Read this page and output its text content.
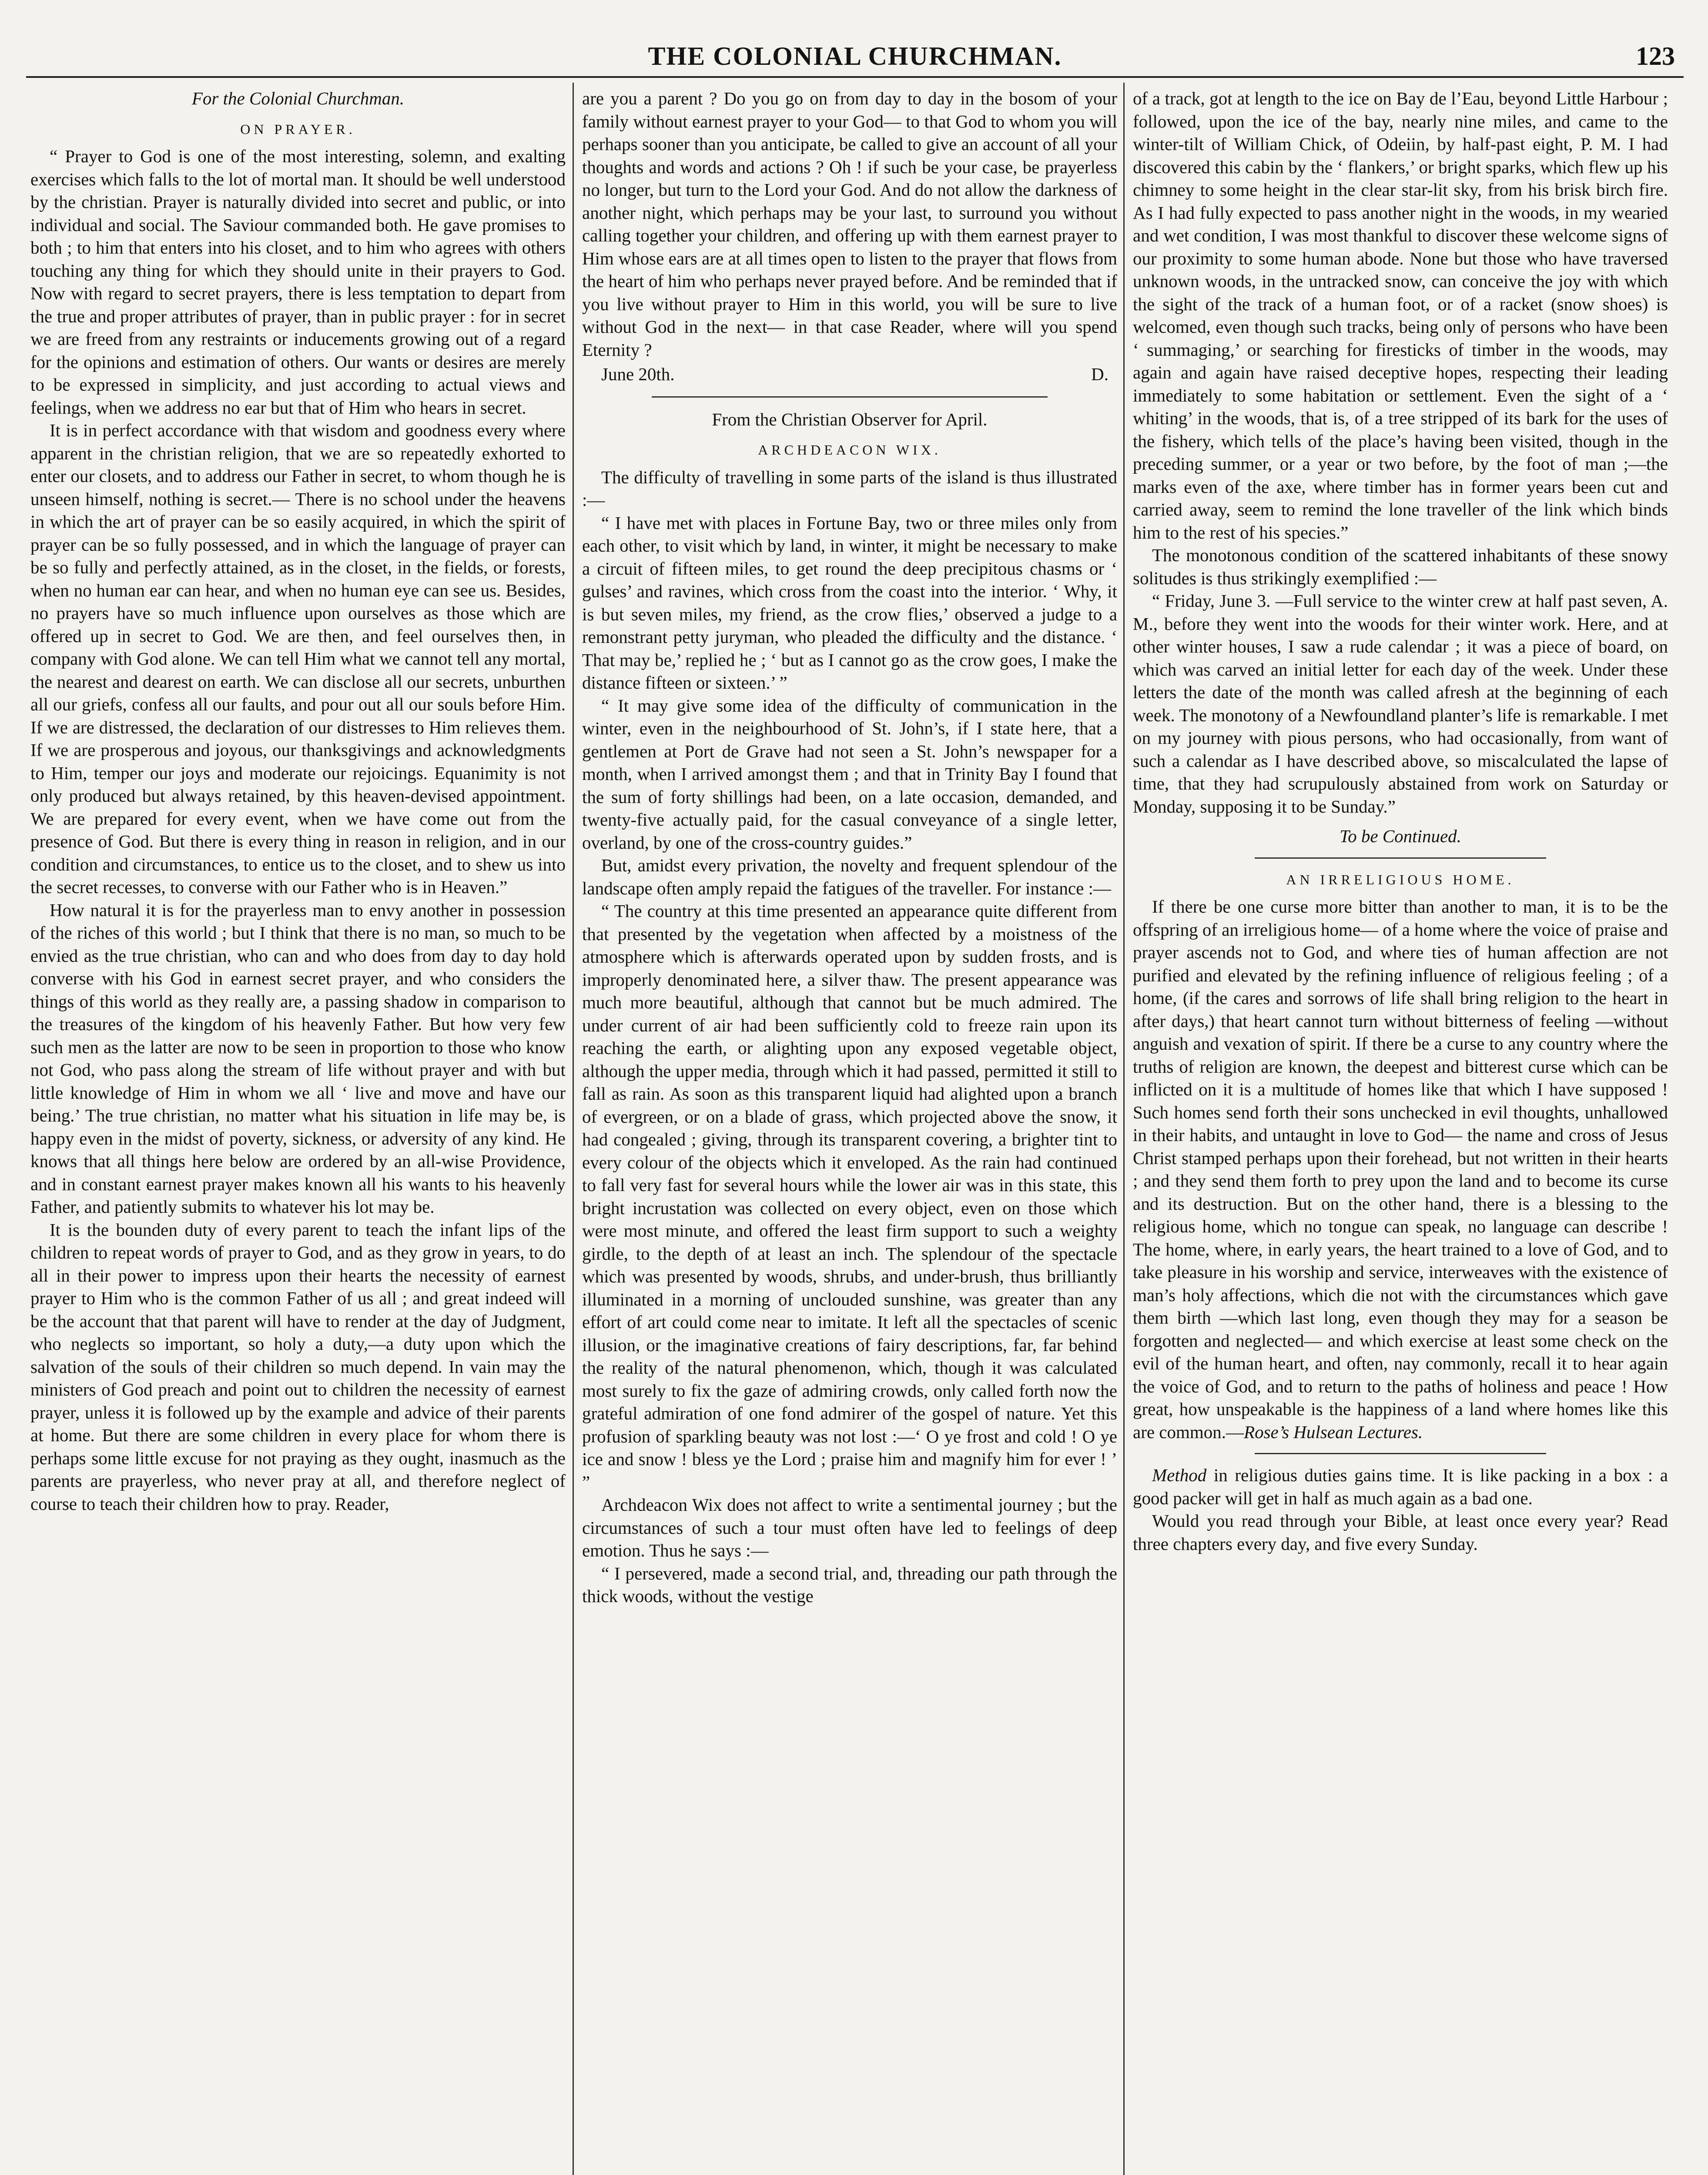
THE COLONIAL CHURCHMAN.	123
For the Colonial Churchman.
ON PRAYER.

“ Prayer to God is one of the most interesting, solemn, and exalting exercises which falls to the lot of mortal man. It should be well understood by the christian. Prayer is naturally divided into secret and public, or into individual and social. The Saviour commanded both. He gave promises to both ; to him that enters into his closet, and to him who agrees with others touching any thing for which they should unite in their prayers to God. Now with regard to secret prayers, there is less temptation to depart from the true and proper attributes of prayer, than in public prayer : for in secret we are freed from any restraints or inducements growing out of a regard for the opinions and estimation of others. Our wants or desires are merely to be expressed in simplicity, and just according to actual views and feelings, when we address no ear but that of Him who hears in secret.

It is in perfect accordance with that wisdom and goodness every where apparent in the christian religion, that we are so repeatedly exhorted to enter our closets, and to address our Father in secret, to whom though he is unseen himself, nothing is secret.— There is no school under the heavens in which the art of prayer can be so easily acquired, in which the spirit of prayer can be so fully possessed, and in which the language of prayer can be so fully and perfectly attained, as in the closet, in the fields, or forests, when no human ear can hear, and when no human eye can see us. Besides, no prayers have so much influence upon ourselves as those which are offered up in secret to God. We are then, and feel ourselves then, in company with God alone. We can tell Him what we cannot tell any mortal, the nearest and dearest on earth. We can disclose all our secrets, unburthen all our griefs, confess all our faults, and pour out all our souls before Him. If we are distressed, the declaration of our distresses to Him relieves them. If we are prosperous and joyous, our thanksgivings and acknowledgments to Him, temper our joys and moderate our rejoicings. Equanimity is not only produced but always retained, by this heaven-devised appointment. We are prepared for every event, when we have come out from the presence of God. But there is every thing in reason in religion, and in our condition and circumstances, to entice us to the closet, and to shew us into the secret recesses, to converse with our Father who is in Heaven.”

How natural it is for the prayerless man to envy another in possession of the riches of this world ; but I think that there is no man, so much to be envied as the true christian, who can and who does from day to day hold converse with his God in earnest secret prayer, and who considers the things of this world as they really are, a passing shadow in comparison to the treasures of the kingdom of his heavenly Father. But how very few such men as the latter are now to be seen in proportion to those who know not God, who pass along the stream of life without prayer and with but little knowledge of Him in whom we all ‘ live and move and have our being.’ The true christian, no matter what his situation in life may be, is happy even in the midst of poverty, sickness, or adversity of any kind. He knows that all things here below are ordered by an all-wise Providence, and in constant earnest prayer makes known all his wants to his heavenly Father, and patiently submits to whatever his lot may be.

It is the bounden duty of every parent to teach the infant lips of the children to repeat words of prayer to God, and as they grow in years, to do all in their power to impress upon their hearts the necessity of earnest prayer to Him who is the common Father of us all ; and great indeed will be the account that that parent will have to render at the day of Judgment, who neglects so important, so holy a duty,—a duty upon which the salvation of the souls of their children so much depend. In vain may the ministers of God preach and point out to children the necessity of earnest prayer, unless it is followed up by the example and advice of their parents at home. But there are some children in every place for whom there is perhaps some little excuse for not praying as they ought, inasmuch as the parents are prayerless, who never pray at all, and therefore neglect of course to teach their children how to pray. Reader,

are you a parent ? Do you go on from day to day in the bosom of your family without earnest prayer to your God— to that God to whom you will perhaps sooner than you anticipate, be called to give an account of all your thoughts and words and actions ? Oh ! if such be your case, be prayerless no longer, but turn to the Lord your God. And do not allow the darkness of another night, which perhaps may be your last, to surround you without calling together your children, and offering up with them earnest prayer to Him whose ears are at all times open to listen to the prayer that flows from the heart of him who perhaps never prayed before. And be reminded that if you live without prayer to Him in this world, you will be sure to live without God in the next— in that case Reader, where will you spend Eternity ?

June 20th.	D.
From the Christian Observer for April.
ARCHDEACON WIX.

The difficulty of travelling in some parts of the island is thus illustrated :—

“ I have met with places in Fortune Bay, two or three miles only from each other, to visit which by land, in winter, it might be necessary to make a circuit of fifteen miles, to get round the deep precipitous chasms or ‘ gulses’ and ravines, which cross from the coast into the interior. ‘ Why, it is but seven miles, my friend, as the crow flies,’ observed a judge to a remonstrant petty juryman, who pleaded the difficulty and the distance. ‘ That may be,’ replied he ; ‘ but as I cannot go as the crow goes, I make the distance fifteen or sixteen.’ ”

“ It may give some idea of the difficulty of communication in the winter, even in the neighbourhood of St. John’s, if I state here, that a gentlemen at Port de Grave had not seen a St. John’s newspaper for a month, when I arrived amongst them ; and that in Trinity Bay I found that the sum of forty shillings had been, on a late occasion, demanded, and twenty-five actually paid, for the casual conveyance of a single letter, overland, by one of the cross-country guides.”

But, amidst every privation, the novelty and frequent splendour of the landscape often amply repaid the fatigues of the traveller. For instance :—

“ The country at this time presented an appearance quite different from that presented by the vegetation when affected by a moistness of the atmosphere which is afterwards operated upon by sudden frosts, and is improperly denominated here, a silver thaw. The present appearance was much more beautiful, although that cannot but be much admired. The under current of air had been sufficiently cold to freeze rain upon its reaching the earth, or alighting upon any exposed vegetable object, although the upper media, through which it had passed, permitted it still to fall as rain. As soon as this transparent liquid had alighted upon a branch of evergreen, or on a blade of grass, which projected above the snow, it had congealed ; giving, through its transparent covering, a brighter tint to every colour of the objects which it enveloped. As the rain had continued to fall very fast for several hours while the lower air was in this state, this bright incrustation was collected on every object, even on those which were most minute, and offered the least firm support to such a weighty girdle, to the depth of at least an inch. The splendour of the spectacle which was presented by woods, shrubs, and under-brush, thus brilliantly illuminated in a morning of unclouded sunshine, was greater than any effort of art could come near to imitate. It left all the spectacles of scenic illusion, or the imaginative creations of fairy descriptions, far, far behind the reality of the natural phenomenon, which, though it was calculated most surely to fix the gaze of admiring crowds, only called forth now the grateful admiration of one fond admirer of the gospel of nature. Yet this profusion of sparkling beauty was not lost :—‘ O ye frost and cold ! O ye ice and snow ! bless ye the Lord ; praise him and magnify him for ever ! ’ ”

Archdeacon Wix does not affect to write a sentimental journey ; but the circumstances of such a tour must often have led to feelings of deep emotion. Thus he says :—

“ I persevered, made a second trial, and, threading our path through the thick woods, without the vestige

of a track, got at length to the ice on Bay de l’Eau, beyond Little Harbour ; followed, upon the ice of the bay, nearly nine miles, and came to the winter-tilt of William Chick, of Odeiin, by half-past eight, P. M. I had discovered this cabin by the ‘ flankers,’ or bright sparks, which flew up his chimney to some height in the clear star-lit sky, from his brisk birch fire. As I had fully expected to pass another night in the woods, in my wearied and wet condition, I was most thankful to discover these welcome signs of our proximity to some human abode. None but those who have traversed unknown woods, in the untracked snow, can conceive the joy with which the sight of the track of a human foot, or of a racket (snow shoes) is welcomed, even though such tracks, being only of persons who have been ‘ summaging,’ or searching for firesticks of timber in the woods, may again and again have raised deceptive hopes, respecting their leading immediately to some habitation or settlement. Even the sight of a ‘ whiting’ in the woods, that is, of a tree stripped of its bark for the uses of the fishery, which tells of the place’s having been visited, though in the preceding summer, or a year or two before, by the foot of man ;—the marks even of the axe, where timber has in former years been cut and carried away, seem to remind the lone traveller of the link which binds him to the rest of his species.”

The monotonous condition of the scattered inhabitants of these snowy solitudes is thus strikingly exemplified :—

“ Friday, June 3. —Full service to the winter crew at half past seven, A. M., before they went into the woods for their winter work. Here, and at other winter houses, I saw a rude calendar ; it was a piece of board, on which was carved an initial letter for each day of the week. Under these letters the date of the month was called afresh at the beginning of each week. The monotony of a Newfoundland planter’s life is remarkable. I met on my journey with pious persons, who had occasionally, from want of such a calendar as I have described above, so miscalculated the lapse of time, that they had scrupulously abstained from work on Saturday or Monday, supposing it to be Sunday.”

To be Continued.
AN IRRELIGIOUS HOME.

If there be one curse more bitter than another to man, it is to be the offspring of an irreligious home— of a home where the voice of praise and prayer ascends not to God, and where ties of human affection are not purified and elevated by the refining influence of religious feeling ; of a home, (if the cares and sorrows of life shall bring religion to the heart in after days,) that heart cannot turn without bitterness of feeling —without anguish and vexation of spirit. If there be a curse to any country where the truths of religion are known, the deepest and bitterest curse which can be inflicted on it is a multitude of homes like that which I have supposed ! Such homes send forth their sons unchecked in evil thoughts, unhallowed in their habits, and untaught in love to God— the name and cross of Jesus Christ stamped perhaps upon their forehead, but not written in their hearts ; and they send them forth to prey upon the land and to become its curse and its destruction. But on the other hand, there is a blessing to the religious home, which no tongue can speak, no language can describe ! The home, where, in early years, the heart trained to a love of God, and to take pleasure in his worship and service, interweaves with the existence of man’s holy affections, which die not with the circumstances which gave them birth —which last long, even though they may for a season be forgotten and neglected— and which exercise at least some check on the evil of the human heart, and often, nay commonly, recall it to hear again the voice of God, and to return to the paths of holiness and peace ! How great, how unspeakable is the happiness of a land where homes like this are common.—Rose’s Hulsean Lectures.

Method in religious duties gains time. It is like packing in a box : a good packer will get in half as much again as a bad one.

Would you read through your Bible, at least once every year? Read three chapters every day, and five every Sunday.
